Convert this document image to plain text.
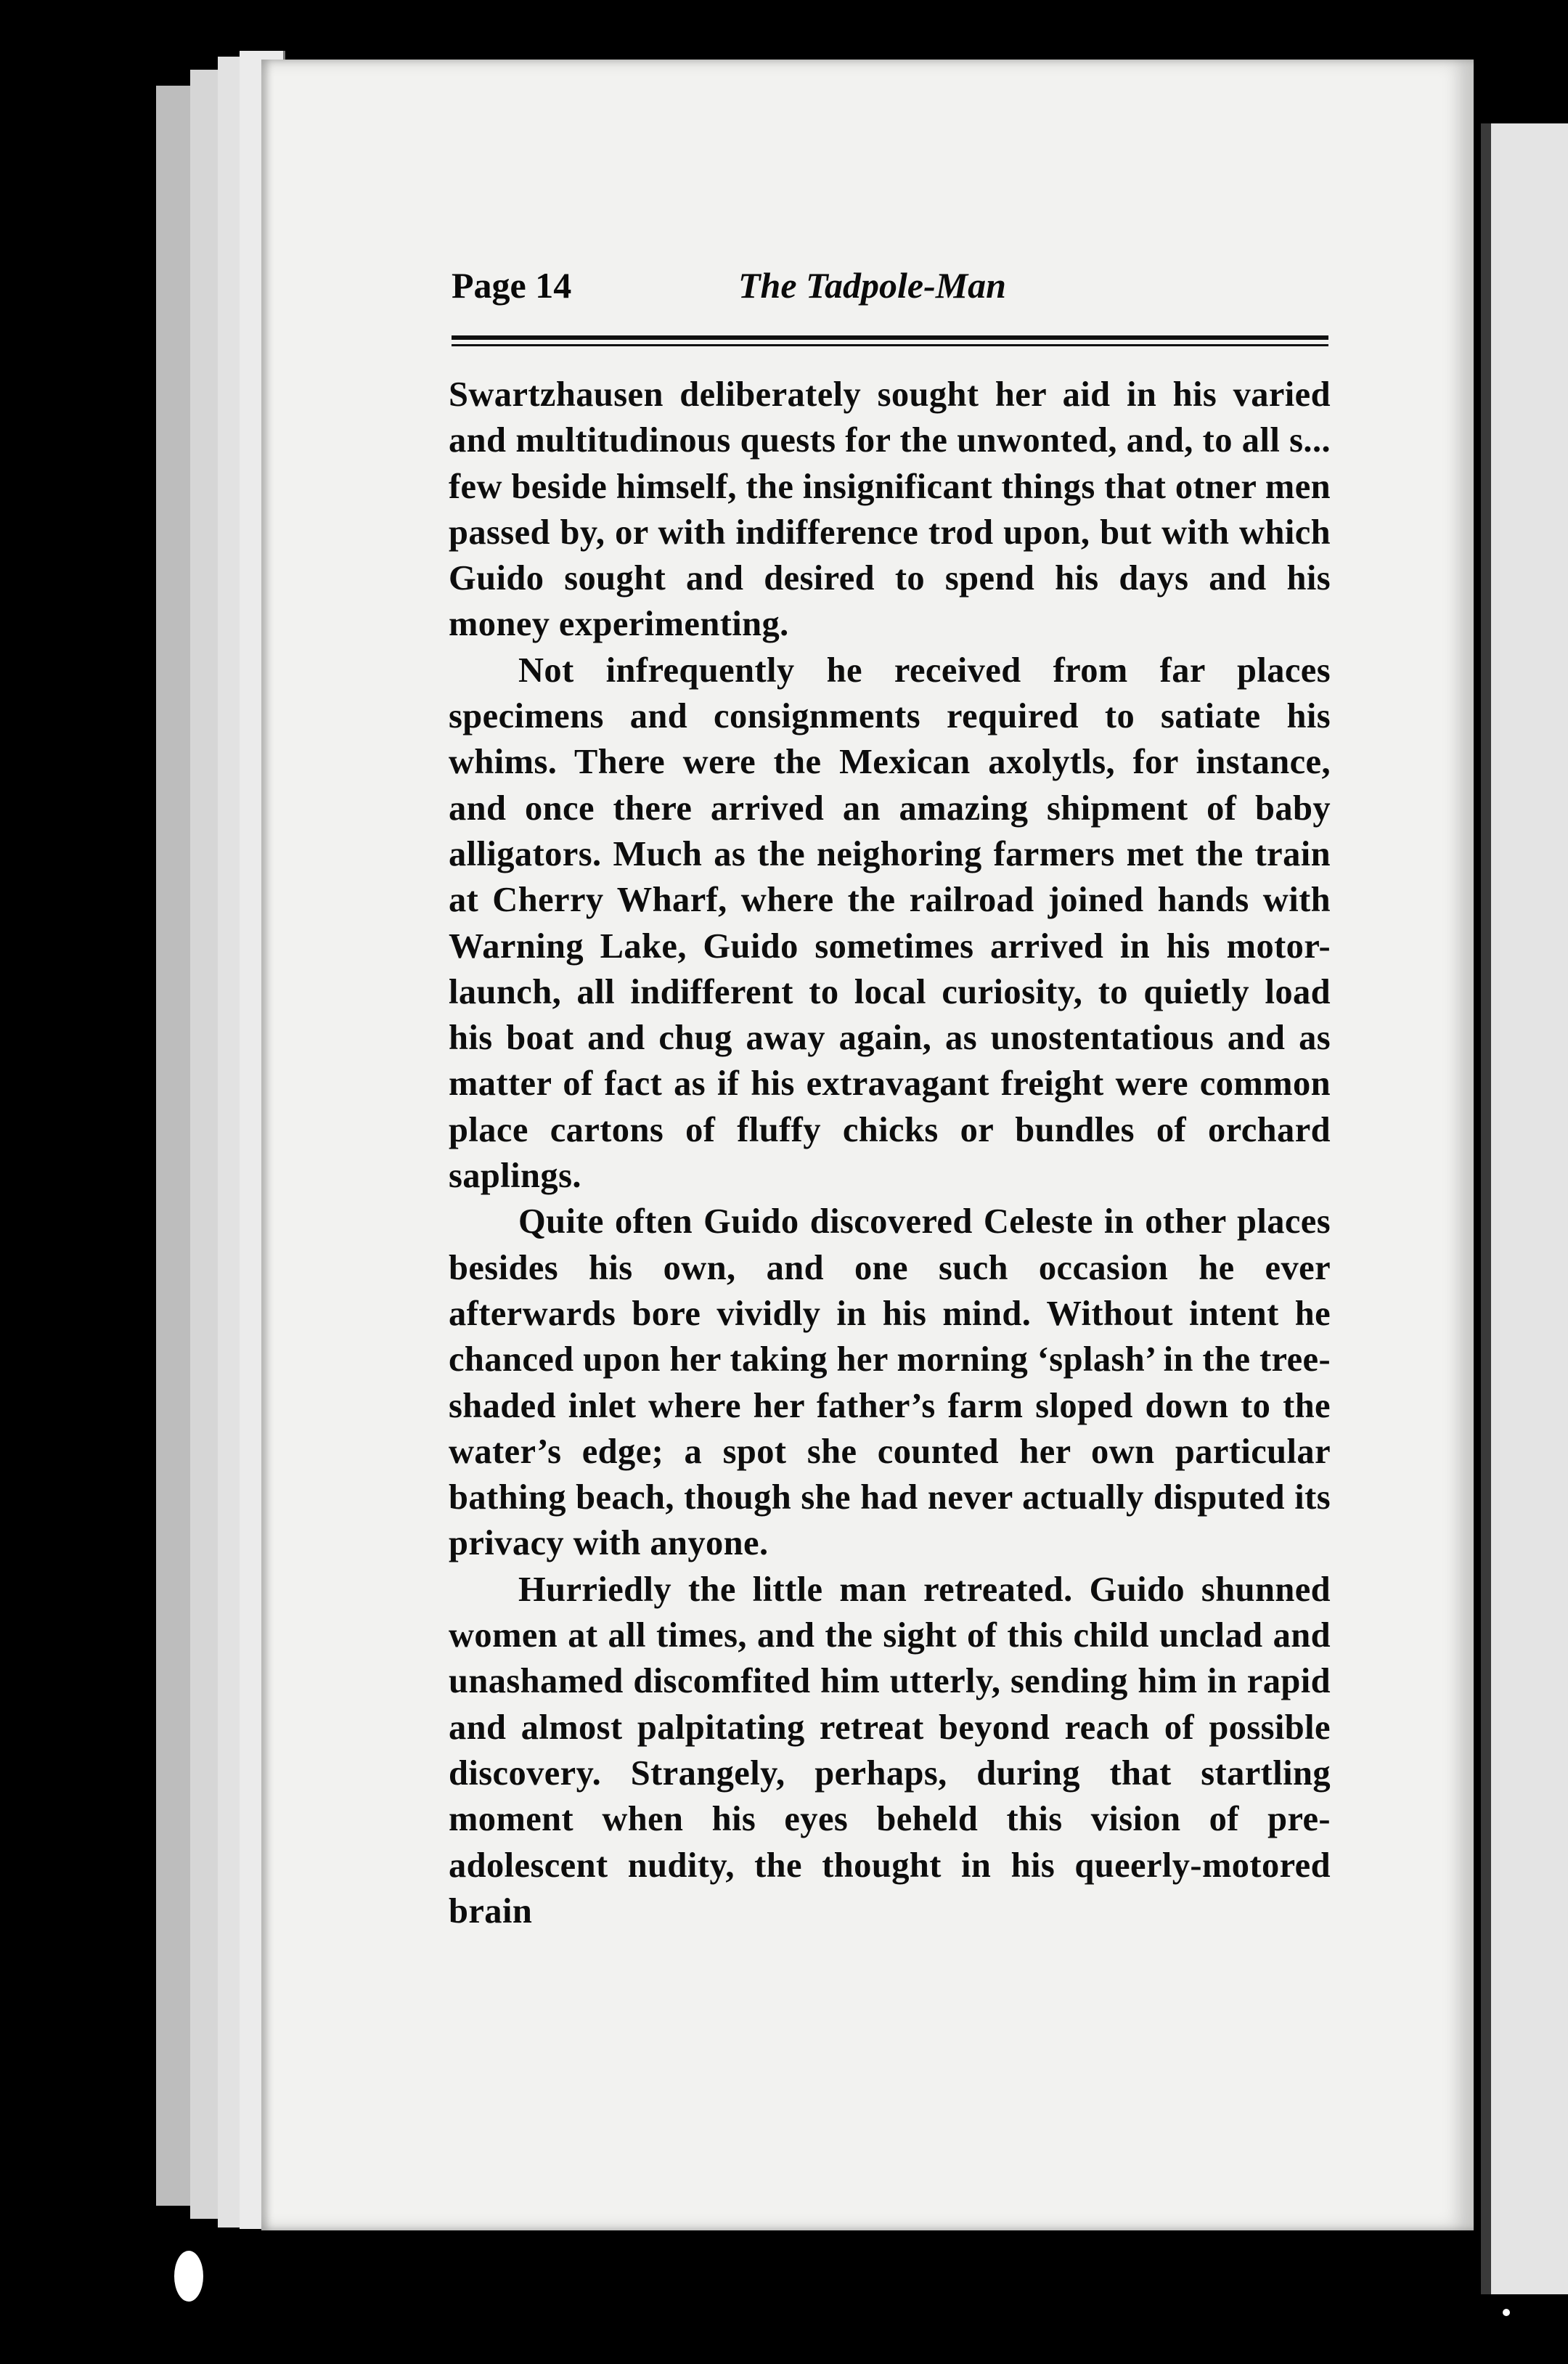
Page 14	The Tadpole-Man

Swartzhausen deliberately sought her aid in his varied and multitudinous quests for the unwonted, and, to all s... few beside himself, the insignificant things that otner men passed by, or with indifference trod upon, but with which Guido sought and desired to spend his days and his money experimenting.

Not infrequently he received from far places specimens and consignments required to satiate his whims. There were the Mexican axolytls, for instance, and once there arrived an amazing shipment of baby alligators. Much as the neighoring farmers met the train at Cherry Wharf, where the railroad joined hands with Warning Lake, Guido sometimes arrived in his motor-launch, all indifferent to local curiosity, to quietly load his boat and chug away again, as unostentatious and as matter of fact as if his extravagant freight were common place cartons of fluffy chicks or bundles of orchard saplings.

Quite often Guido discovered Celeste in other places besides his own, and one such occasion he ever afterwards bore vividly in his mind. Without intent he chanced upon her taking her morning ‘splash’ in the tree-shaded inlet where her father’s farm sloped down to the water’s edge; a spot she counted her own particular bathing beach, though she had never actually disputed its privacy with anyone.

Hurriedly the little man retreated. Guido shunned women at all times, and the sight of this child unclad and unashamed discomfited him utterly, sending him in rapid and almost palpitating retreat beyond reach of possible discovery. Strangely, perhaps, during that startling moment when his eyes beheld this vision of pre-adolescent nudity, the thought in his queerly-motored brain
